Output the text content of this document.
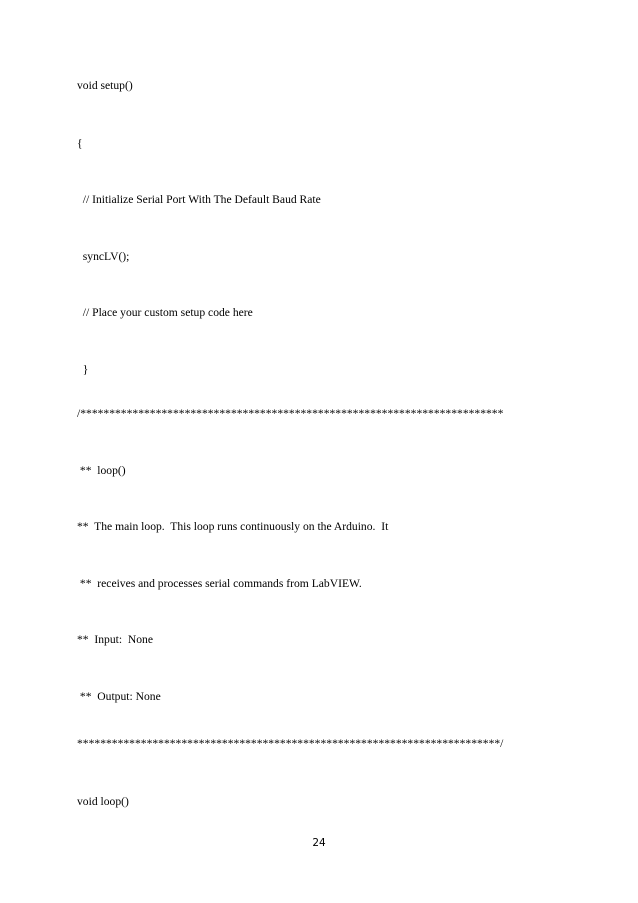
void setup()
{
// Initialize Serial Port With The Default Baud Rate
syncLV();
// Place your custom setup code here
}
/*************************************************************************
**  loop()
**  The main loop.  This loop runs continuously on the Arduino.  It
**  receives and processes serial commands from LabVIEW.
**  Input:  None
**  Output: None
*************************************************************************/
void loop()
24
